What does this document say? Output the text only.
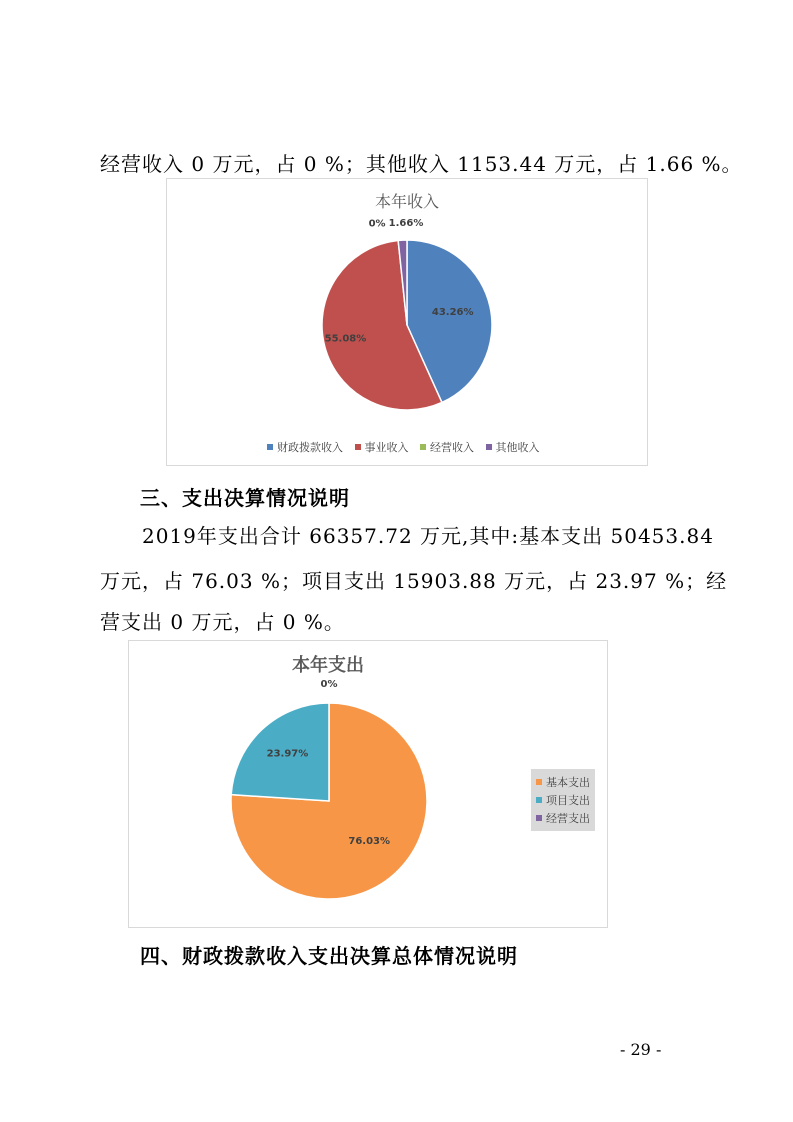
经营收入 0 万元，占 0 %；其他收入 1153.44 万元，占 1.66 %。
本年收入
43.26%
55.08%
0% 1.66%
财政拨款收入
事业收入
经营收入
其他收入
三、支出决算情况说明
2019年支出合计 66357.72 万元,其中:基本支出 50453.84
万元，占 76.03 %；项目支出 15903.88 万元，占 23.97 %；经
营支出 0 万元，占 0 %。
本年支出
76.03%
23.97%
0%
基本支出
项目支出
经营支出
四、财政拨款收入支出决算总体情况说明
- 29 -
